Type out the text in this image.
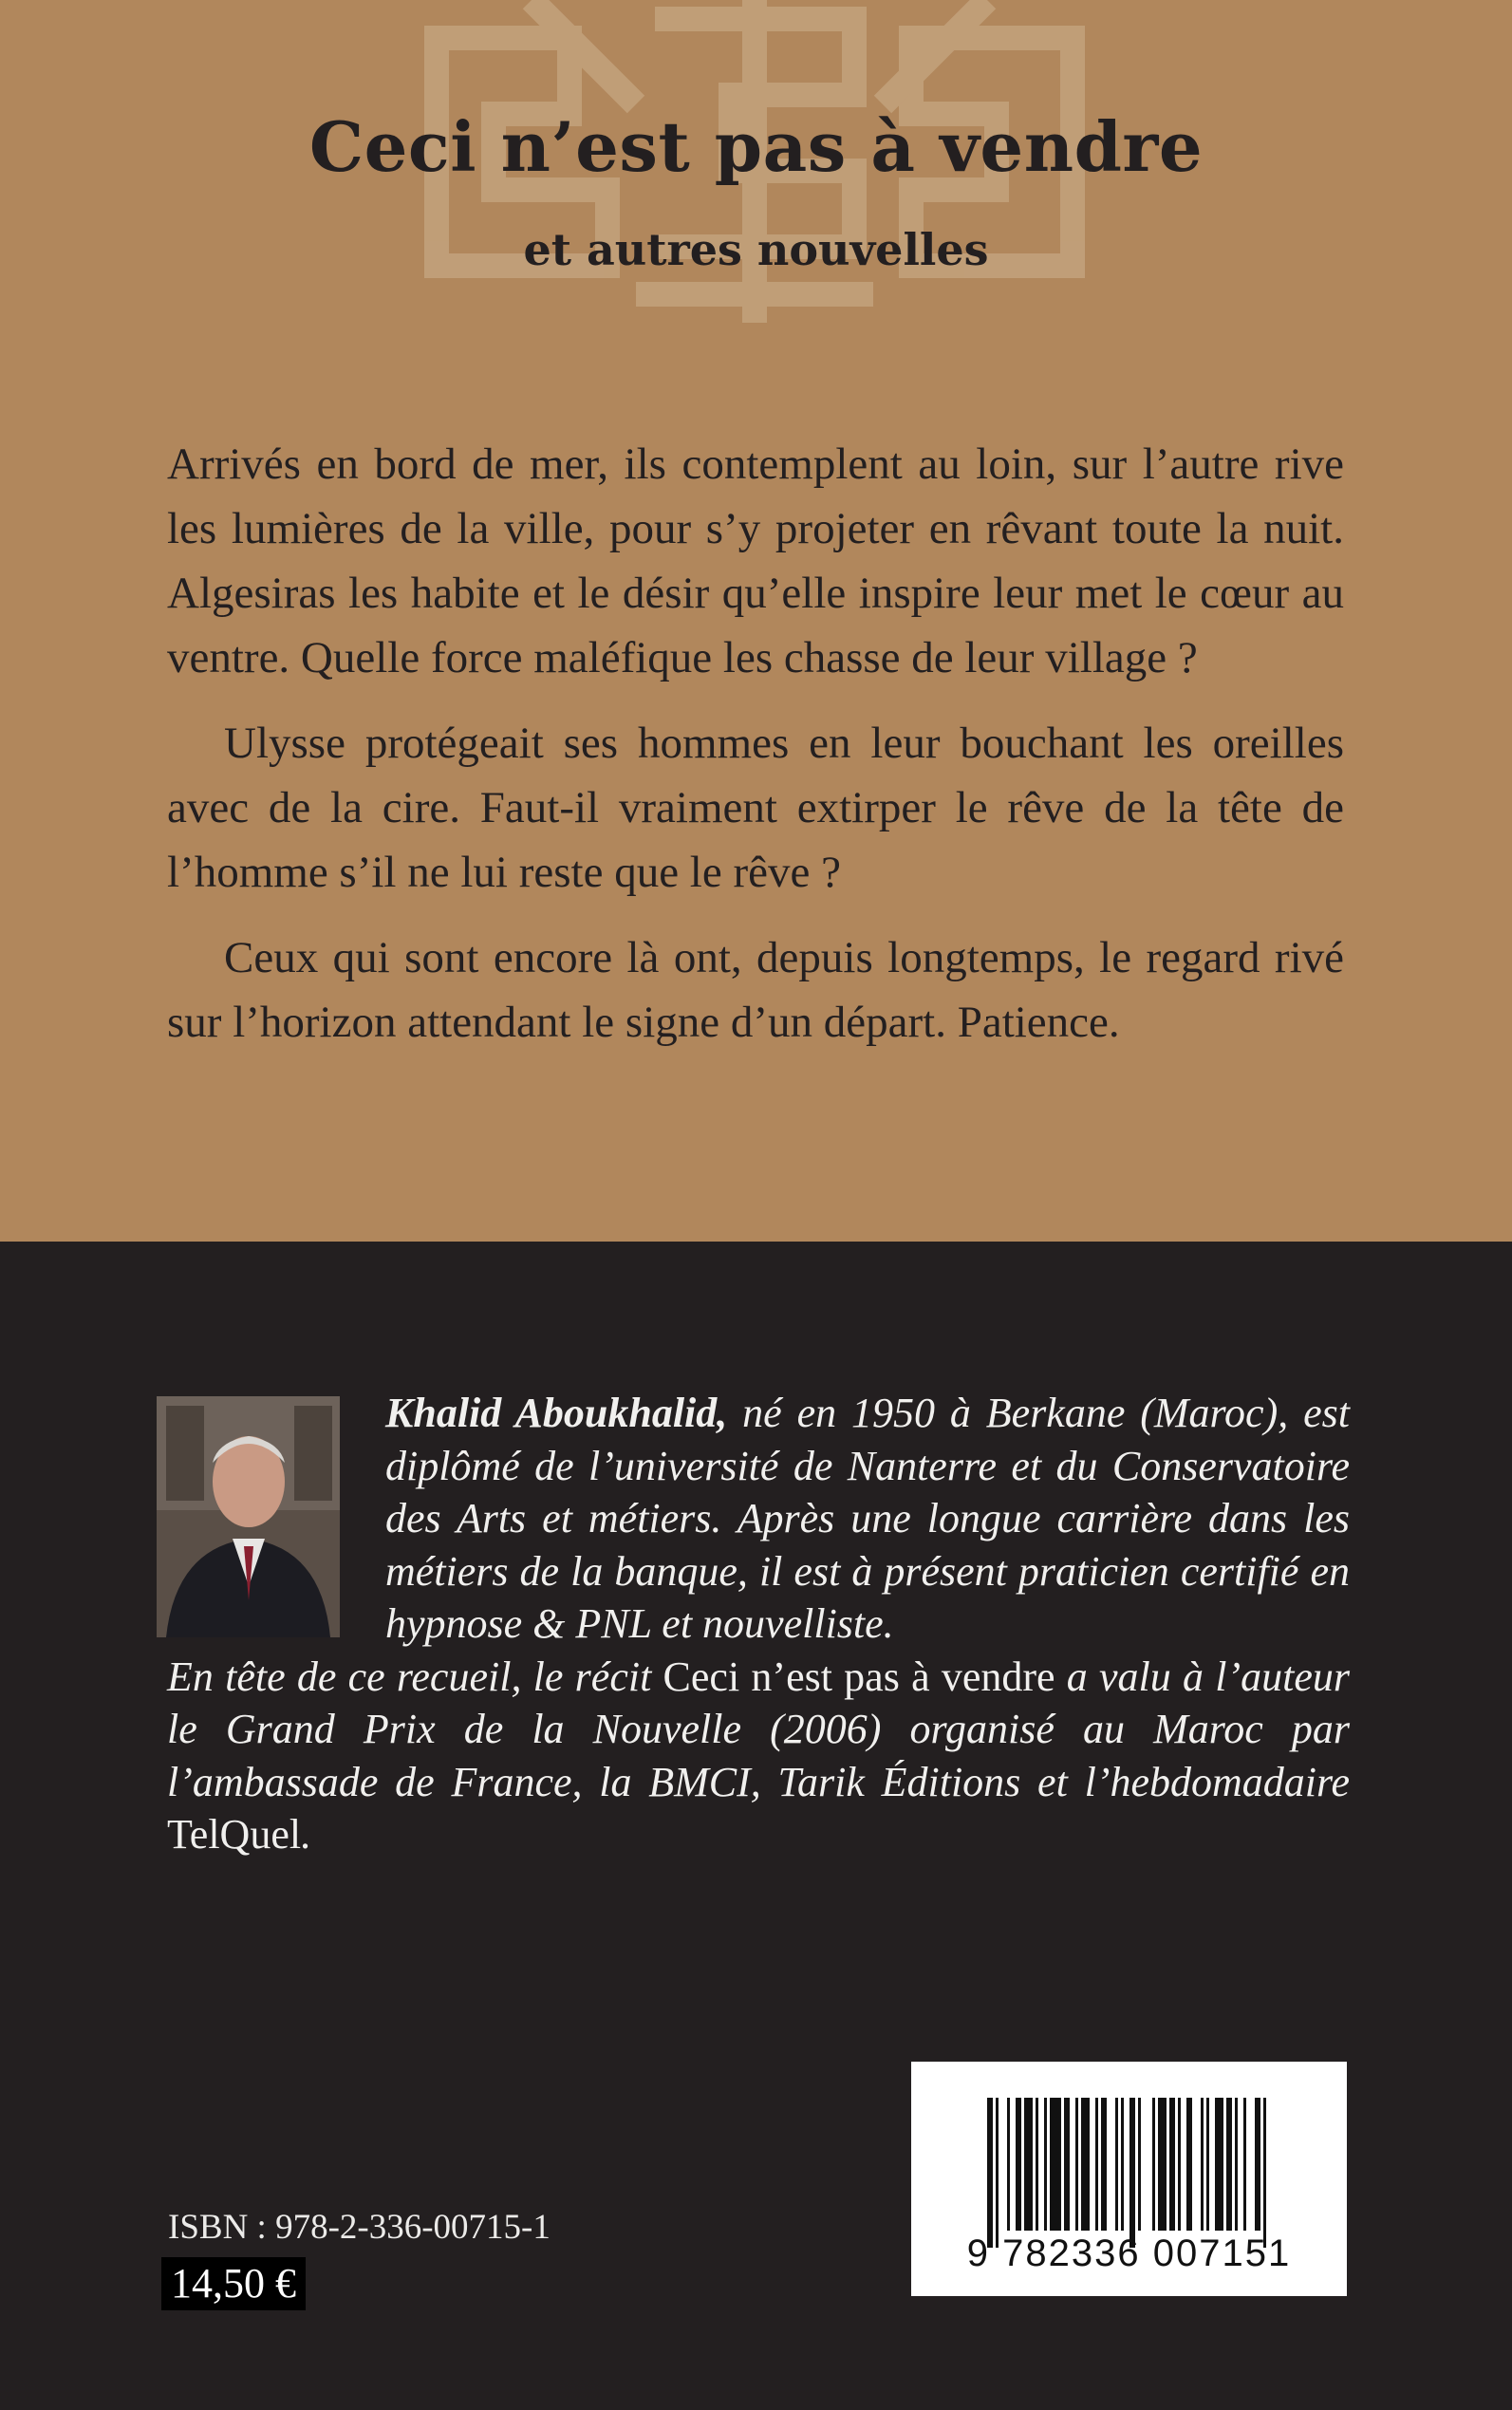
Ceci n’est pas à vendre
et autres nouvelles

Arrivés en bord de mer, ils contemplent au loin, sur l’autre rive les lumières de la ville, pour s’y projeter en rêvant toute la nuit. Algesiras les habite et le désir qu’elle inspire leur met le cœur au ventre. Quelle force maléfique les chasse de leur village ?

Ulysse protégeait ses hommes en leur bouchant les oreilles avec de la cire. Faut-il vraiment extirper le rêve de la tête de l’homme s’il ne lui reste que le rêve ?

Ceux qui sont encore là ont, depuis longtemps, le regard rivé sur l’horizon attendant le signe d’un départ. Patience.

Khalid Aboukhalid, né en 1950 à Berkane (Maroc), est diplômé de l’université de Nanterre et du Conservatoire des Arts et métiers. Après une longue carrière dans les métiers de la banque, il est à présent praticien certifié en hypnose & PNL et nouvelliste.

En tête de ce recueil, le récit Ceci n’est pas à vendre a valu à l’auteur le Grand Prix de la Nouvelle (2006) organisé au Maroc par l’ambassade de France, la BMCI, Tarik Éditions et l’hebdomadaire TelQuel.

ISBN : 978-2-336-00715-1
14,50 €
9 782336 007151
